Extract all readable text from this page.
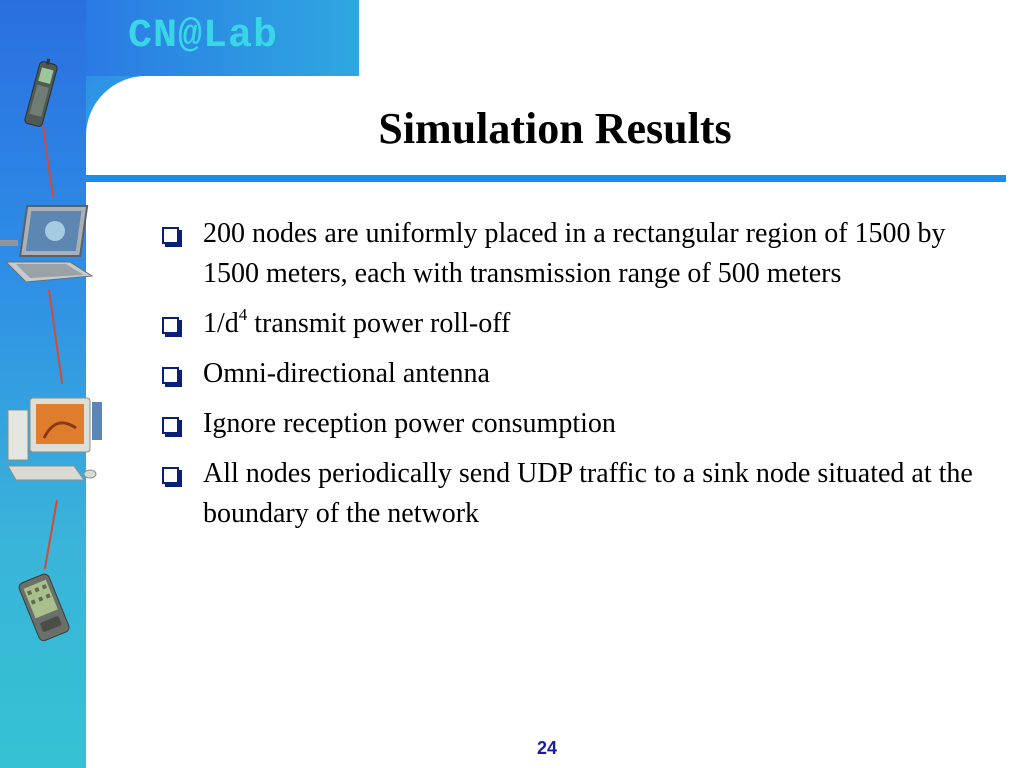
CN@Lab
Simulation Results
200 nodes are uniformly placed in a rectangular region of 1500 by 1500 meters, each with transmission range of 500 meters
$1/d^4$ transmit power roll-off
Omni-directional antenna
Ignore reception power consumption
All nodes periodically send UDP traffic to a sink node situated at the boundary of the network
24
